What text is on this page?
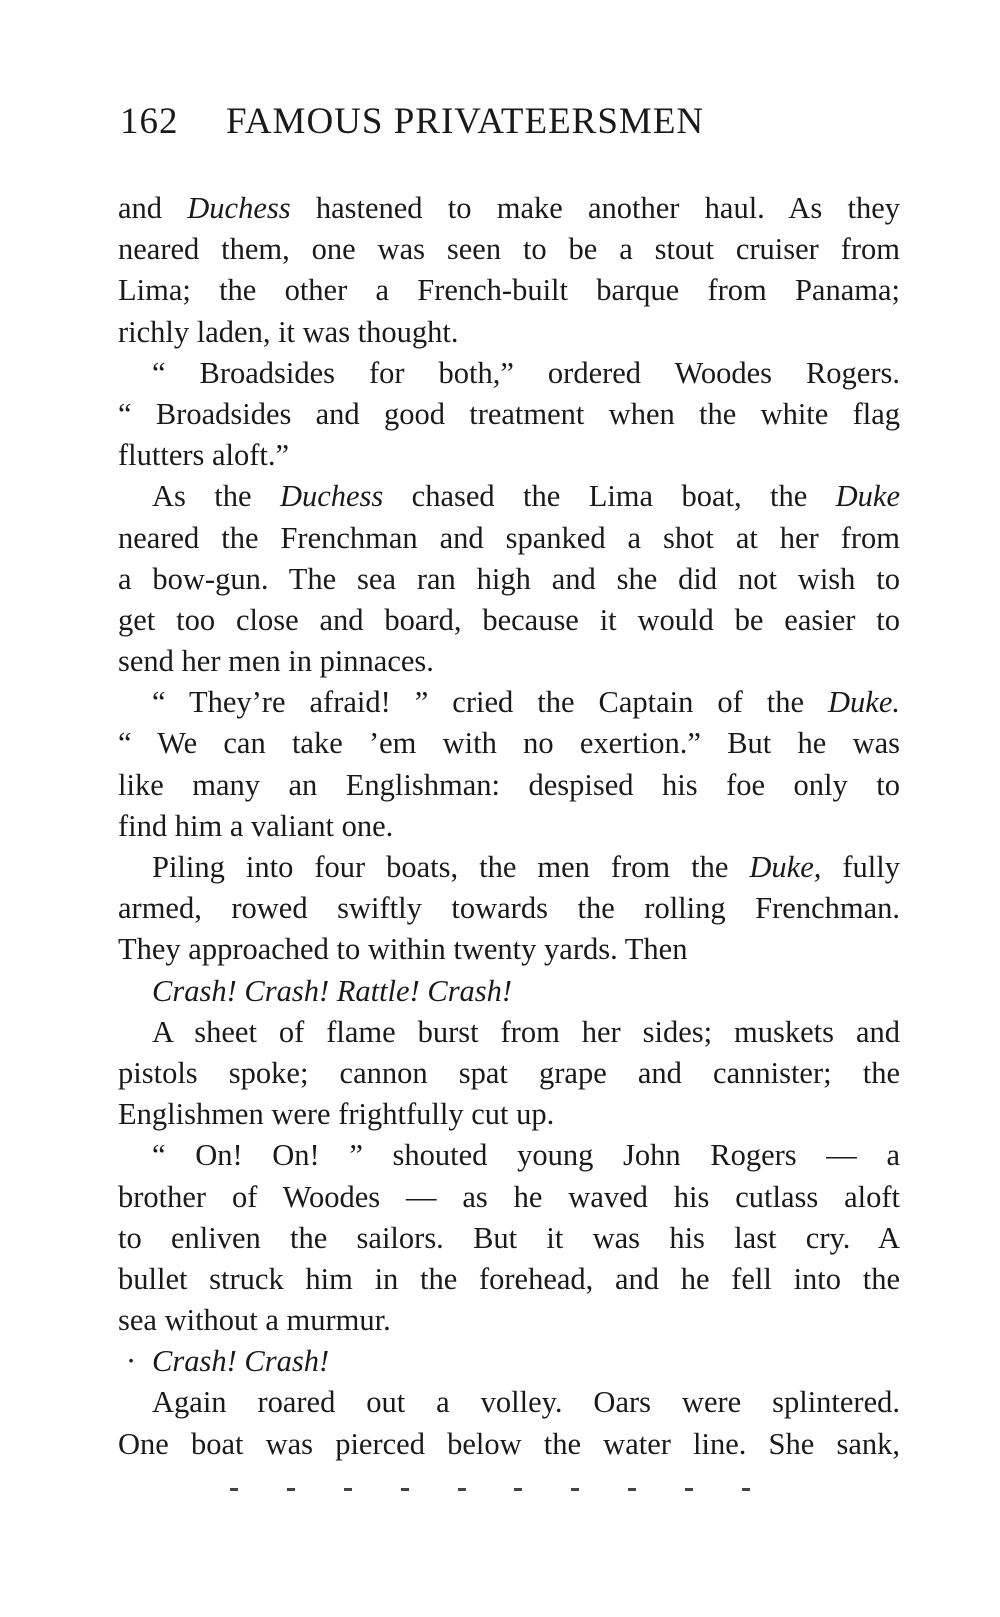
162 FAMOUS PRIVATEERSMEN

and Duchess hastened to make another haul. As they
neared them, one was seen to be a stout cruiser from
Lima; the other a French-built barque from Panama;
richly laden, it was thought.

“ Broadsides for both,” ordered Woodes Rogers.
“ Broadsides and good treatment when the white flag
flutters aloft.”

As the Duchess chased the Lima boat, the Duke
neared the Frenchman and spanked a shot at her from
a bow-gun. The sea ran high and she did not wish to
get too close and board, because it would be easier to
send her men in pinnaces.

“ They’re afraid! ” cried the Captain of the Duke.
“ We can take ’em with no exertion.” But he was
like many an Englishman: despised his foe only to
find him a valiant one.

Piling into four boats, the men from the Duke, fully
armed, rowed swiftly towards the rolling Frenchman.
They approached to within twenty yards. Then

Crash! Crash! Rattle! Crash!

A sheet of flame burst from her sides; muskets and
pistols spoke; cannon spat grape and cannister; the
Englishmen were frightfully cut up.

“ On! On! ” shouted young John Rogers — a
brother of Woodes — as he waved his cutlass aloft
to enliven the sailors. But it was his last cry. A
bullet struck him in the forehead, and he fell into the
sea without a murmur.

· Crash! Crash!

Again roared out a volley. Oars were splintered.
One boat was pierced below the water line. She sank,
